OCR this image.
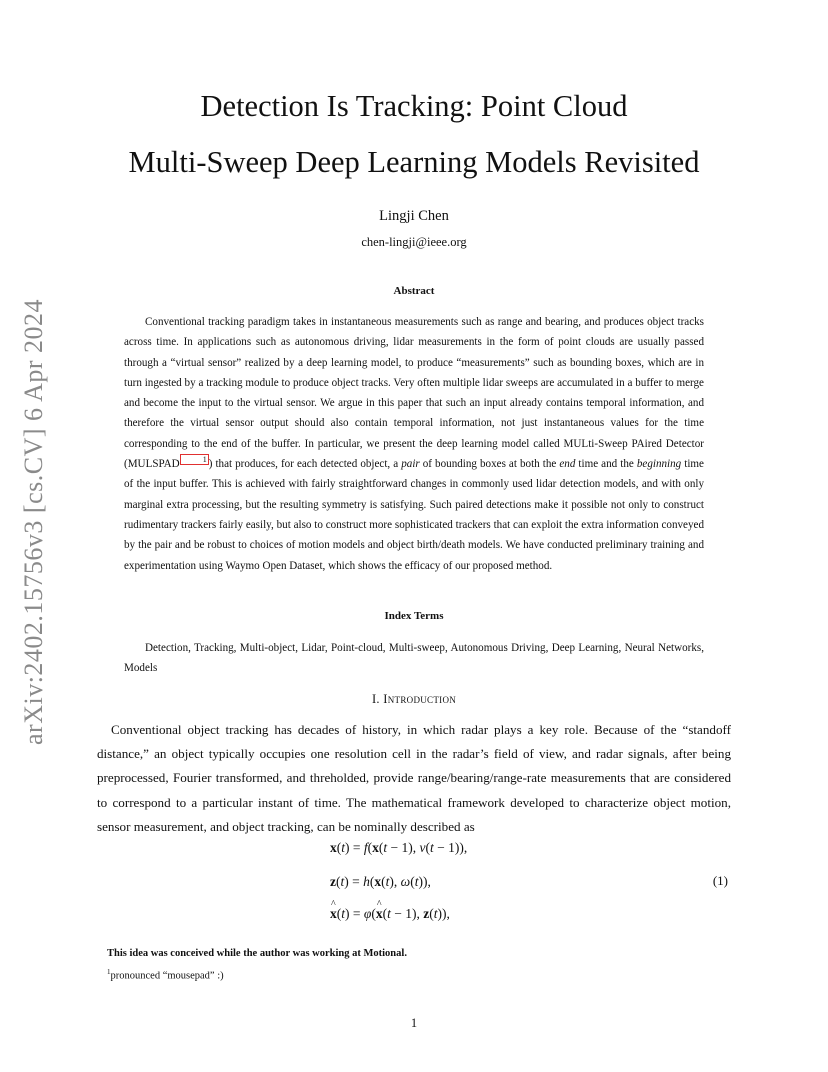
arXiv:2402.15756v3 [cs.CV] 6 Apr 2024
Detection Is Tracking: Point Cloud
Multi-Sweep Deep Learning Models Revisited
Lingji Chen
chen-lingji@ieee.org
Abstract

Conventional tracking paradigm takes in instantaneous measurements such as range and bearing, and produces object tracks across time. In applications such as autonomous driving, lidar measurements in the form of point clouds are usually passed through a “virtual sensor” realized by a deep learning model, to produce “measurements” such as bounding boxes, which are in turn ingested by a tracking module to produce object tracks. Very often multiple lidar sweeps are accumulated in a buffer to merge and become the input to the virtual sensor. We argue in this paper that such an input already contains temporal information, and therefore the virtual sensor output should also contain temporal information, not just instantaneous values for the time corresponding to the end of the buffer. In particular, we present the deep learning model called MULti-Sweep PAired Detector (MULSPAD	1 ) that produces, for each detected object, a pair of bounding boxes at both the end time and the beginning time of the input buffer. This is achieved with fairly straightforward changes in commonly used lidar detection models, and with only marginal extra processing, but the resulting symmetry is satisfying. Such paired detections make it possible not only to construct rudimentary trackers fairly easily, but also to construct more sophisticated trackers that can exploit the extra information conveyed by the pair and be robust to choices of motion models and object birth/death models. We have conducted preliminary training and experimentation using Waymo Open Dataset, which shows the efficacy of our proposed method.

Index Terms

Detection, Tracking, Multi-object, Lidar, Point-cloud, Multi-sweep, Autonomous Driving, Deep Learning, Neural Networks, Models

I. Introduction

Conventional object tracking has decades of history, in which radar plays a key role. Because of the “standoff distance,” an object typically occupies one resolution cell in the radar’s field of view, and radar signals, after being preprocessed, Fourier transformed, and threholded, provide range/bearing/range-rate measurements that are considered to correspond to a particular instant of time. The mathematical framework developed to characterize object motion, sensor measurement, and object tracking, can be nominally described as

x(t) = f(x(t − 1), ν(t − 1)),
z(t) = h(x(t), ω(t)),
^ x(t) = φ(^ x(t − 1), z(t)),
(1)
This idea was conceived while the author was working at Motional.
$^1$pronounced “mousepad” :)
1
